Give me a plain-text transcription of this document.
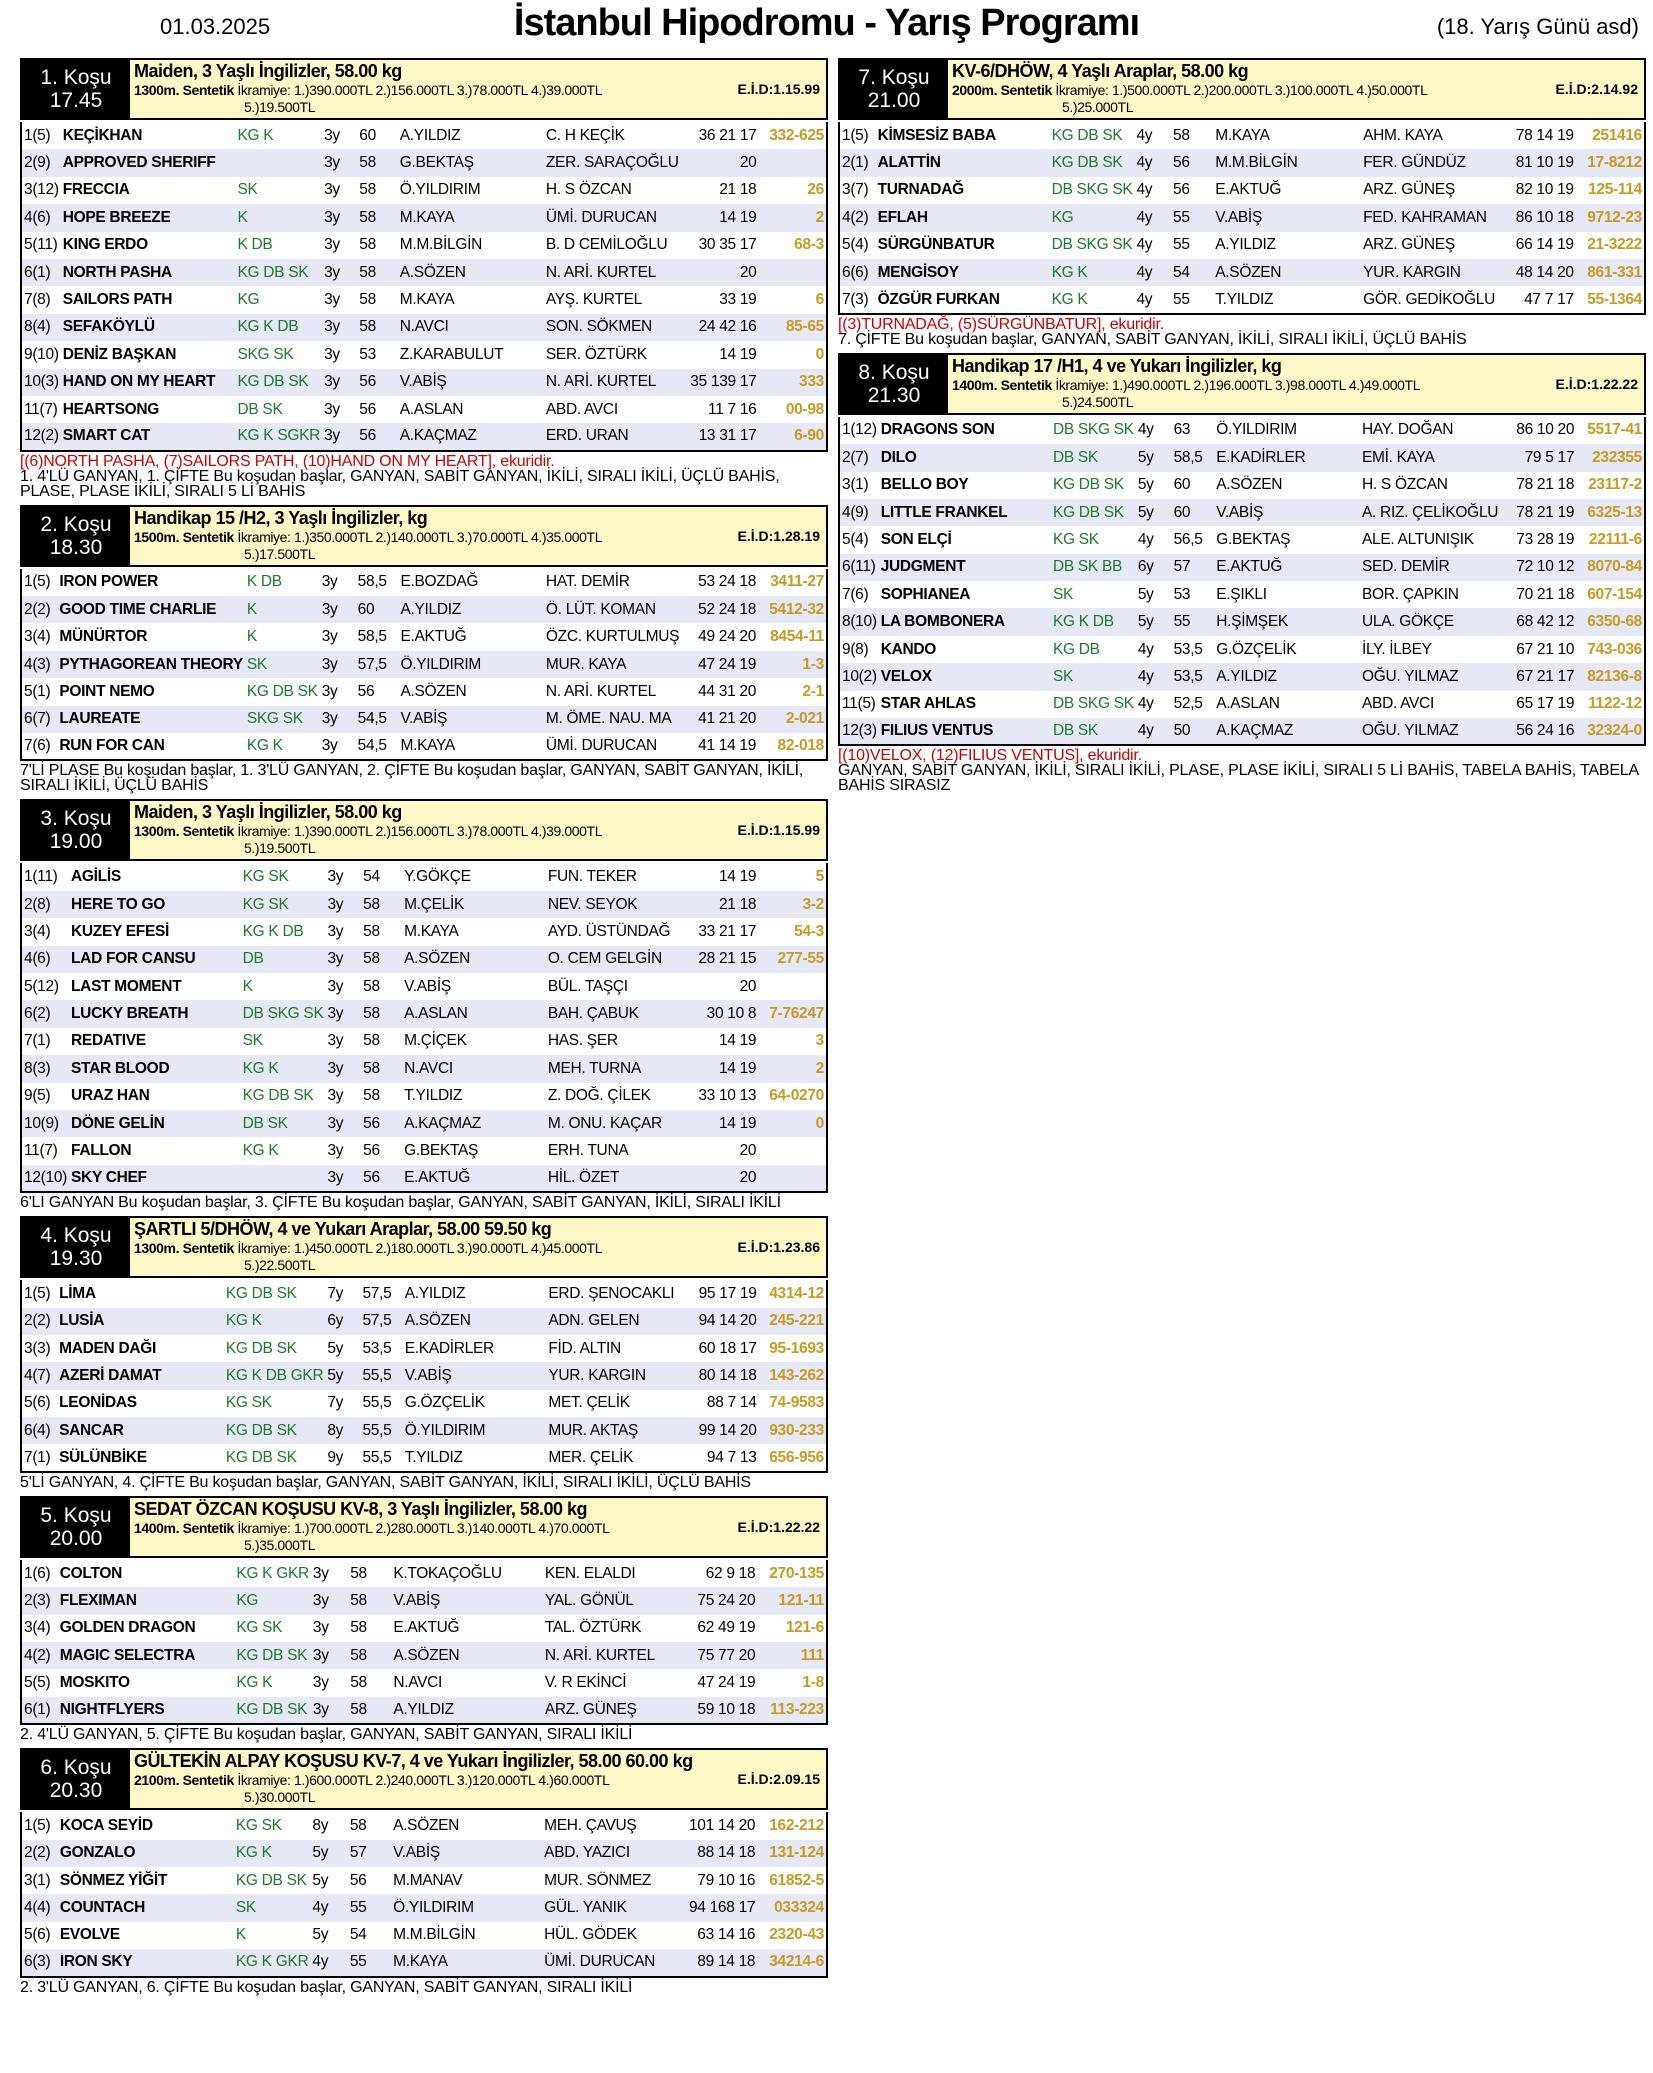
01.03.2025	İstanbul Hipodromu - Yarış Programı	(18. Yarış Günü asd)
1. Koşu
17.45
Maiden, 3 Yaşlı İngilizler, 58.00 kg
1300m. Sentetik İkramiye: 1.)390.000TL 2.)156.000TL 3.)78.000TL 4.)39.000TL
5.)19.500TL
E.İ.D:1.15.99
1(5)	KEÇİKHAN	KG K	3y	60	A.YILDIZ	C. H KEÇİK	36 21 17	332-625
2(9)	APPROVED SHERIFF		3y	58	G.BEKTAŞ	ZER. SARAÇOĞLU	20	
3(12)	FRECCIA	SK	3y	58	Ö.YILDIRIM	H. S ÖZCAN	21 18	26
4(6)	HOPE BREEZE	K	3y	58	M.KAYA	ÜMİ. DURUCAN	14 19	2
5(11)	KING ERDO	K DB	3y	58	M.M.BİLGİN	B. D CEMİLOĞLU	30 35 17	68-3
6(1)	NORTH PASHA	KG DB SK	3y	58	A.SÖZEN	N. ARİ. KURTEL	20	
7(8)	SAILORS PATH	KG	3y	58	M.KAYA	AYŞ. KURTEL	33 19	6
8(4)	SEFAKÖYLÜ	KG K DB	3y	58	N.AVCI	SON. SÖKMEN	24 42 16	85-65
9(10)	DENİZ BAŞKAN	SKG SK	3y	53	Z.KARABULUT	SER. ÖZTÜRK	14 19	0
10(3)	HAND ON MY HEART	KG DB SK	3y	56	V.ABİŞ	N. ARİ. KURTEL	35 139 17	333
11(7)	HEARTSONG	DB SK	3y	56	A.ASLAN	ABD. AVCI	11 7 16	00-98
12(2)	SMART CAT	KG K SGKR	3y	56	A.KAÇMAZ	ERD. URAN	13 31 17	6-90
[(6)NORTH PASHA, (7)SAILORS PATH, (10)HAND ON MY HEART], ekuridir.
1. 4'LÜ GANYAN, 1. ÇİFTE Bu koşudan başlar, GANYAN, SABİT GANYAN, İKİLİ, SIRALI İKİLİ, ÜÇLÜ BAHİS, PLASE, PLASE İKİLİ, SIRALI 5 Lİ BAHİS
2. Koşu
18.30
Handikap 15 /H2, 3 Yaşlı İngilizler, kg
1500m. Sentetik İkramiye: 1.)350.000TL 2.)140.000TL 3.)70.000TL 4.)35.000TL
5.)17.500TL
E.İ.D:1.28.19
1(5)	IRON POWER	K DB	3y	58,5	E.BOZDAĞ	HAT. DEMİR	53 24 18	3411-27
2(2)	GOOD TIME CHARLIE	K	3y	60	A.YILDIZ	Ö. LÜT. KOMAN	52 24 18	5412-32
3(4)	MÜNÜRTOR	K	3y	58,5	E.AKTUĞ	ÖZC. KURTULMUŞ	49 24 20	8454-11
4(3)	PYTHAGOREAN THEORY	SK	3y	57,5	Ö.YILDIRIM	MUR. KAYA	47 24 19	1-3
5(1)	POINT NEMO	KG DB SK	3y	56	A.SÖZEN	N. ARİ. KURTEL	44 31 20	2-1
6(7)	LAUREATE	SKG SK	3y	54,5	V.ABİŞ	M. ÖME. NAU. MA	41 21 20	2-021
7(6)	RUN FOR CAN	KG K	3y	54,5	M.KAYA	ÜMİ. DURUCAN	41 14 19	82-018
7'Lİ PLASE Bu koşudan başlar, 1. 3'LÜ GANYAN, 2. ÇİFTE Bu koşudan başlar, GANYAN, SABİT GANYAN, İKİLİ, SIRALI İKİLİ, ÜÇLÜ BAHİS
3. Koşu
19.00
Maiden, 3 Yaşlı İngilizler, 58.00 kg
1300m. Sentetik İkramiye: 1.)390.000TL 2.)156.000TL 3.)78.000TL 4.)39.000TL
5.)19.500TL
E.İ.D:1.15.99
1(11)	AGİLİS	KG SK	3y	54	Y.GÖKÇE	FUN. TEKER	14 19	5
2(8)	HERE TO GO	KG SK	3y	58	M.ÇELİK	NEV. SEYOK	21 18	3-2
3(4)	KUZEY EFESİ	KG K DB	3y	58	M.KAYA	AYD. ÜSTÜNDAĞ	33 21 17	54-3
4(6)	LAD FOR CANSU	DB	3y	58	A.SÖZEN	O. CEM GELGİN	28 21 15	277-55
5(12)	LAST MOMENT	K	3y	58	V.ABİŞ	BÜL. TAŞÇI	20	
6(2)	LUCKY BREATH	DB SKG SK	3y	58	A.ASLAN	BAH. ÇABUK	30 10 8	7-76247
7(1)	REDATIVE	SK	3y	58	M.ÇİÇEK	HAS. ŞER	14 19	3
8(3)	STAR BLOOD	KG K	3y	58	N.AVCI	MEH. TURNA	14 19	2
9(5)	URAZ HAN	KG DB SK	3y	58	T.YILDIZ	Z. DOĞ. ÇİLEK	33 10 13	64-0270
10(9)	DÖNE GELİN	DB SK	3y	56	A.KAÇMAZ	M. ONU. KAÇAR	14 19	0
11(7)	FALLON	KG K	3y	56	G.BEKTAŞ	ERH. TUNA	20	
12(10)	SKY CHEF		3y	56	E.AKTUĞ	HİL. ÖZET	20	
6'LI GANYAN Bu koşudan başlar, 3. ÇİFTE Bu koşudan başlar, GANYAN, SABİT GANYAN, İKİLİ, SIRALI İKİLİ
4. Koşu
19.30
ŞARTLI 5/DHÖW, 4 ve Yukarı Araplar, 58.00 59.50 kg
1300m. Sentetik İkramiye: 1.)450.000TL 2.)180.000TL 3.)90.000TL 4.)45.000TL
5.)22.500TL
E.İ.D:1.23.86
1(5)	LİMA	KG DB SK	7y	57,5	A.YILDIZ	ERD. ŞENOCAKLI	95 17 19	4314-12
2(2)	LUSİA	KG K	6y	57,5	A.SÖZEN	ADN. GELEN	94 14 20	245-221
3(3)	MADEN DAĞI	KG DB SK	5y	53,5	E.KADİRLER	FİD. ALTIN	60 18 17	95-1693
4(7)	AZERİ DAMAT	KG K DB GKR	5y	55,5	V.ABİŞ	YUR. KARGIN	80 14 18	143-262
5(6)	LEONİDAS	KG SK	7y	55,5	G.ÖZÇELİK	MET. ÇELİK	88 7 14	74-9583
6(4)	SANCAR	KG DB SK	8y	55,5	Ö.YILDIRIM	MUR. AKTAŞ	99 14 20	930-233
7(1)	SÜLÜNBİKE	KG DB SK	9y	55,5	T.YILDIZ	MER. ÇELİK	94 7 13	656-956
5'Lİ GANYAN, 4. ÇİFTE Bu koşudan başlar, GANYAN, SABİT GANYAN, İKİLİ, SIRALI İKİLİ, ÜÇLÜ BAHİS
5. Koşu
20.00
SEDAT ÖZCAN KOŞUSU KV-8, 3 Yaşlı İngilizler, 58.00 kg
1400m. Sentetik İkramiye: 1.)700.000TL 2.)280.000TL 3.)140.000TL 4.)70.000TL
5.)35.000TL
E.İ.D:1.22.22
1(6)	COLTON	KG K GKR	3y	58	K.TOKAÇOĞLU	KEN. ELALDI	62 9 18	270-135
2(3)	FLEXIMAN	KG	3y	58	V.ABİŞ	YAL. GÖNÜL	75 24 20	121-11
3(4)	GOLDEN DRAGON	KG SK	3y	58	E.AKTUĞ	TAL. ÖZTÜRK	62 49 19	121-6
4(2)	MAGIC SELECTRA	KG DB SK	3y	58	A.SÖZEN	N. ARİ. KURTEL	75 77 20	111
5(5)	MOSKITO	KG K	3y	58	N.AVCI	V. R EKİNCİ	47 24 19	1-8
6(1)	NIGHTFLYERS	KG DB SK	3y	58	A.YILDIZ	ARZ. GÜNEŞ	59 10 18	113-223
2. 4'LÜ GANYAN, 5. ÇİFTE Bu koşudan başlar, GANYAN, SABİT GANYAN, SIRALI İKİLİ
6. Koşu
20.30
GÜLTEKİN ALPAY KOŞUSU KV-7, 4 ve Yukarı İngilizler, 58.00 60.00 kg
2100m. Sentetik İkramiye: 1.)600.000TL 2.)240.000TL 3.)120.000TL 4.)60.000TL
5.)30.000TL
E.İ.D:2.09.15
1(5)	KOCA SEYİD	KG SK	8y	58	A.SÖZEN	MEH. ÇAVUŞ	101 14 20	162-212
2(2)	GONZALO	KG K	5y	57	V.ABİŞ	ABD. YAZICI	88 14 18	131-124
3(1)	SÖNMEZ YİĞİT	KG DB SK	5y	56	M.MANAV	MUR. SÖNMEZ	79 10 16	61852-5
4(4)	COUNTACH	SK	4y	55	Ö.YILDIRIM	GÜL. YANIK	94 168 17	033324
5(6)	EVOLVE	K	5y	54	M.M.BİLGİN	HÜL. GÖDEK	63 14 16	2320-43
6(3)	IRON SKY	KG K GKR	4y	55	M.KAYA	ÜMİ. DURUCAN	89 14 18	34214-6
2. 3'LÜ GANYAN, 6. ÇİFTE Bu koşudan başlar, GANYAN, SABİT GANYAN, SIRALI İKİLİ
7. Koşu
21.00
KV-6/DHÖW, 4 Yaşlı Araplar, 58.00 kg
2000m. Sentetik İkramiye: 1.)500.000TL 2.)200.000TL 3.)100.000TL 4.)50.000TL
5.)25.000TL
E.İ.D:2.14.92
1(5)	KİMSESİZ BABA	KG DB SK	4y	58	M.KAYA	AHM. KAYA	78 14 19	251416
2(1)	ALATTİN	KG DB SK	4y	56	M.M.BİLGİN	FER. GÜNDÜZ	81 10 19	17-8212
3(7)	TURNADAĞ	DB SKG SK	4y	56	E.AKTUĞ	ARZ. GÜNEŞ	82 10 19	125-114
4(2)	EFLAH	KG	4y	55	V.ABİŞ	FED. KAHRAMAN	86 10 18	9712-23
5(4)	SÜRGÜNBATUR	DB SKG SK	4y	55	A.YILDIZ	ARZ. GÜNEŞ	66 14 19	21-3222
6(6)	MENGİSOY	KG K	4y	54	A.SÖZEN	YUR. KARGIN	48 14 20	861-331
7(3)	ÖZGÜR FURKAN	KG K	4y	55	T.YILDIZ	GÖR. GEDİKOĞLU	47 7 17	55-1364
[(3)TURNADAĞ, (5)SÜRGÜNBATUR], ekuridir.
7. ÇİFTE Bu koşudan başlar, GANYAN, SABİT GANYAN, İKİLİ, SIRALI İKİLİ, ÜÇLÜ BAHİS
8. Koşu
21.30
Handikap 17 /H1, 4 ve Yukarı İngilizler, kg
1400m. Sentetik İkramiye: 1.)490.000TL 2.)196.000TL 3.)98.000TL 4.)49.000TL
5.)24.500TL
E.İ.D:1.22.22
1(12)	DRAGONS SON	DB SKG SK	4y	63	Ö.YILDIRIM	HAY. DOĞAN	86 10 20	5517-41
2(7)	DILO	DB SK	5y	58,5	E.KADİRLER	EMİ. KAYA	79 5 17	232355
3(1)	BELLO BOY	KG DB SK	5y	60	A.SÖZEN	H. S ÖZCAN	78 21 18	23117-2
4(9)	LITTLE FRANKEL	KG DB SK	5y	60	V.ABİŞ	A. RIZ. ÇELİKOĞLU	78 21 19	6325-13
5(4)	SON ELÇİ	KG SK	4y	56,5	G.BEKTAŞ	ALE. ALTUNIŞIK	73 28 19	22111-6
6(11)	JUDGMENT	DB SK BB	6y	57	E.AKTUĞ	SED. DEMİR	72 10 12	8070-84
7(6)	SOPHIANEA	SK	5y	53	E.ŞIKLI	BOR. ÇAPKIN	70 21 18	607-154
8(10)	LA BOMBONERA	KG K DB	5y	55	H.ŞİMŞEK	ULA. GÖKÇE	68 42 12	6350-68
9(8)	KANDO	KG DB	4y	53,5	G.ÖZÇELİK	İLY. İLBEY	67 21 10	743-036
10(2)	VELOX	SK	4y	53,5	A.YILDIZ	OĞU. YILMAZ	67 21 17	82136-8
11(5)	STAR AHLAS	DB SKG SK	4y	52,5	A.ASLAN	ABD. AVCI	65 17 19	1122-12
12(3)	FILIUS VENTUS	DB SK	4y	50	A.KAÇMAZ	OĞU. YILMAZ	56 24 16	32324-0
[(10)VELOX, (12)FILIUS VENTUS], ekuridir.
GANYAN, SABİT GANYAN, İKİLİ, SIRALI İKİLİ, PLASE, PLASE İKİLİ, SIRALI 5 Lİ BAHİS, TABELA BAHİS, TABELA BAHİS SIRASIZ
